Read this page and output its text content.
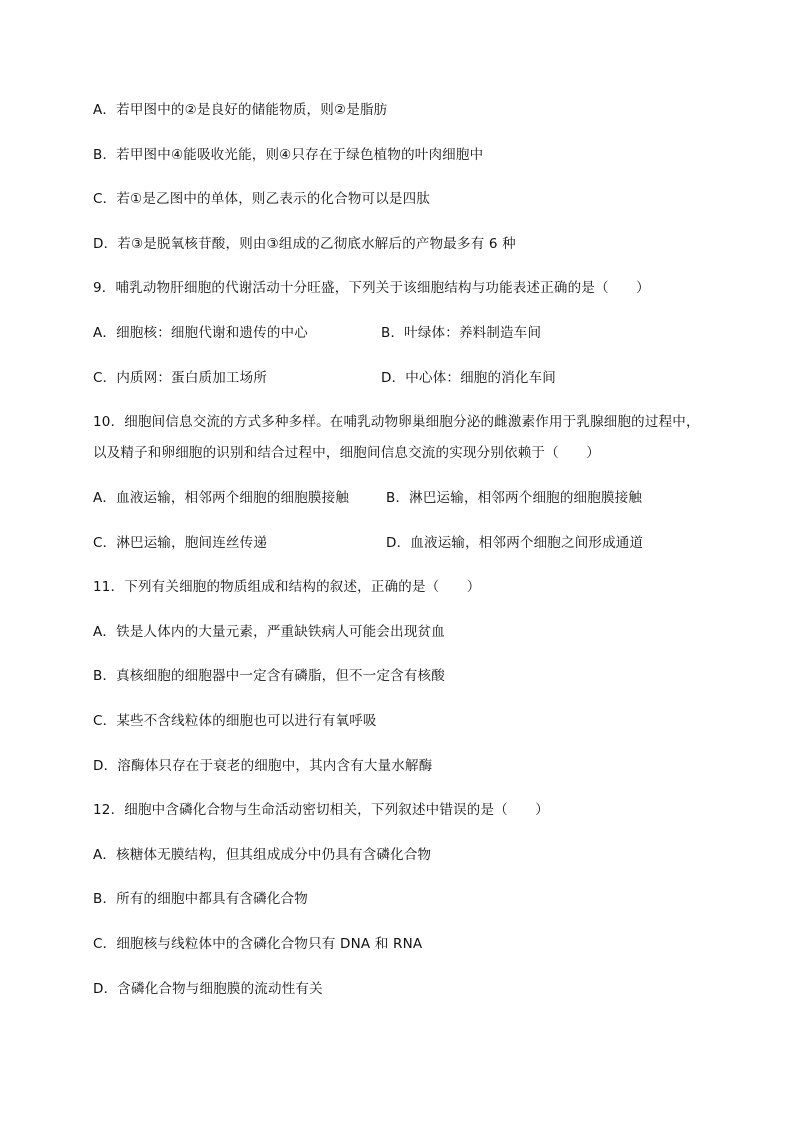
A．若甲图中的②是良好的储能物质，则②是脂肪
B．若甲图中④能吸收光能，则④只存在于绿色植物的叶肉细胞中
C．若①是乙图中的单体，则乙表示的化合物可以是四肽
D．若③是脱氧核苷酸，则由③组成的乙彻底水解后的产物最多有 6 种
9．哺乳动物肝细胞的代谢活动十分旺盛，下列关于该细胞结构与功能表述正确的是（　　）
A．细胞核：细胞代谢和遗传的中心	B．叶绿体：养料制造车间
C．内质网：蛋白质加工场所	D．中心体：细胞的消化车间
10．细胞间信息交流的方式多种多样。在哺乳动物卵巢细胞分泌的雌激素作用于乳腺细胞的过程中，
以及精子和卵细胞的识别和结合过程中，细胞间信息交流的实现分别依赖于（　　）
A．血液运输，相邻两个细胞的细胞膜接触	B．淋巴运输，相邻两个细胞的细胞膜接触
C．淋巴运输，胞间连丝传递	D．血液运输，相邻两个细胞之间形成通道
11．下列有关细胞的物质组成和结构的叙述，正确的是（　　）
A．铁是人体内的大量元素，严重缺铁病人可能会出现贫血
B．真核细胞的细胞器中一定含有磷脂，但不一定含有核酸
C．某些不含线粒体的细胞也可以进行有氧呼吸
D．溶酶体只存在于衰老的细胞中，其内含有大量水解酶
12．细胞中含磷化合物与生命活动密切相关，下列叙述中错误的是（　　）
A．核糖体无膜结构，但其组成成分中仍具有含磷化合物
B．所有的细胞中都具有含磷化合物
C．细胞核与线粒体中的含磷化合物只有 DNA 和 RNA
D．含磷化合物与细胞膜的流动性有关
